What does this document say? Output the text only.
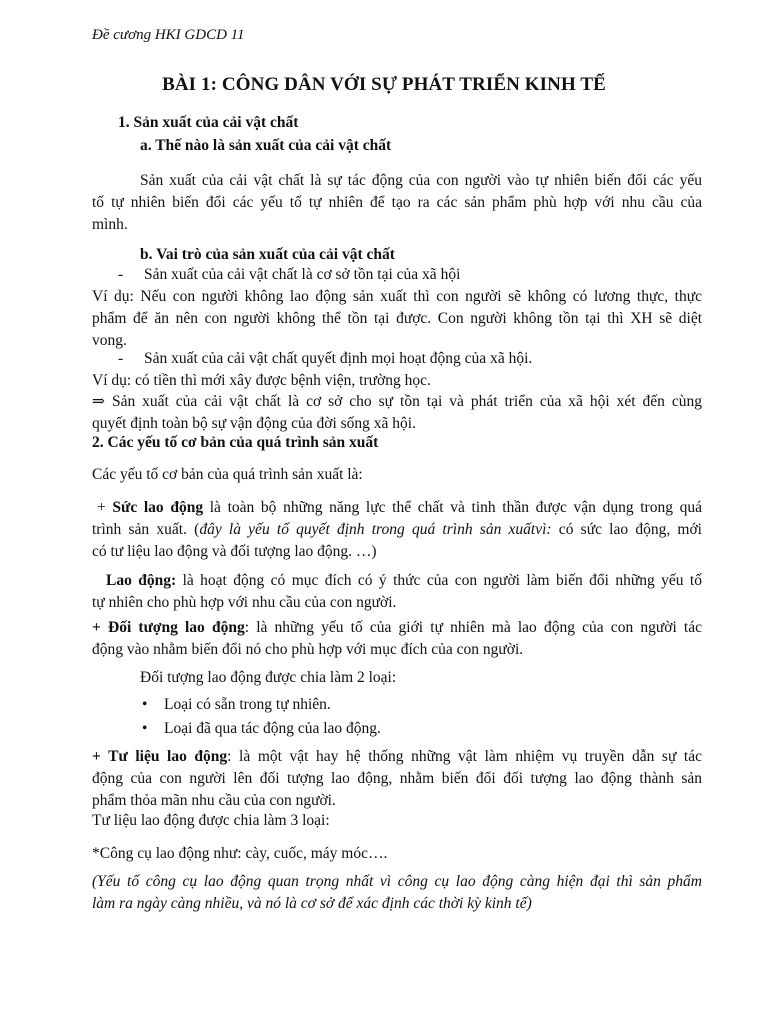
Đề cương HKI GDCD 11
BÀI 1: CÔNG DÂN VỚI SỰ PHÁT TRIỂN KINH TẾ
1. Sản xuất của cải vật chất
a. Thế nào là sản xuất của cải vật chất
Sản xuất của cải vật chất là sự tác động của con người vào tự nhiên biến đổi các yếu
tố tự nhiên biến đổi các yếu tố tự nhiên để tạo ra các sản phẩm phù hợp với nhu cầu của
mình.
b. Vai trò của sản xuất của cải vật chất
- Sản xuất của cải vật chất là cơ sở tồn tại của xã hội
Ví dụ: Nếu con người không lao động sản xuất thì con người sẽ không có lương thực, thực
phẩm để ăn nên con người không thể tồn tại được. Con người không tồn tại thì XH sẽ diệt
vong.
- Sản xuất của cải vật chất quyết định mọi hoạt động của xã hội.
Ví dụ: có tiền thì mới xây được bệnh viện, trường học.
⇒ Sản xuất của cải vật chất là cơ sở cho sự tồn tại và phát triển của xã hội xét đến cùng
quyết định toàn bộ sự vận động của đời sống xã hội.
2. Các yếu tố cơ bản của quá trình sản xuất
Các yếu tố cơ bản của quá trình sản xuất là:
+ Sức lao động là toàn bộ những năng lực thể chất và tinh thần được vận dụng trong quá
trình sản xuất. (đây là yếu tố quyết định trong quá trình sản xuấtvì: có sức lao động, mới
có tư liệu lao động và đối tượng lao động. …)
Lao động: là hoạt động có mục đích có ý thức của con người làm biến đổi những yếu tố
tự nhiên cho phù hợp với nhu cầu của con người.
+ Đối tượng lao động: là những yếu tố của giới tự nhiên mà lao động của con người tác
động vào nhằm biến đổi nó cho phù hợp với mục đích của con người.
Đối tượng lao động được chia làm 2 loại:
• Loại có sẵn trong tự nhiên.
• Loại đã qua tác động của lao động.
+ Tư liệu lao động: là một vật hay hệ thống những vật làm nhiệm vụ truyền dẫn sự tác
động của con người lên đối tượng lao động, nhằm biến đổi đối tượng lao động thành sản
phẩm thỏa mãn nhu cầu của con người.
Tư liệu lao động được chia làm 3 loại:
*Công cụ lao động như: cày, cuốc, máy móc….
(Yếu tố công cụ lao động quan trọng nhất vì công cụ lao động càng hiện đại thì sản phẩm
làm ra ngày càng nhiều, và nó là cơ sở để xác định các thời kỳ kinh tế)
